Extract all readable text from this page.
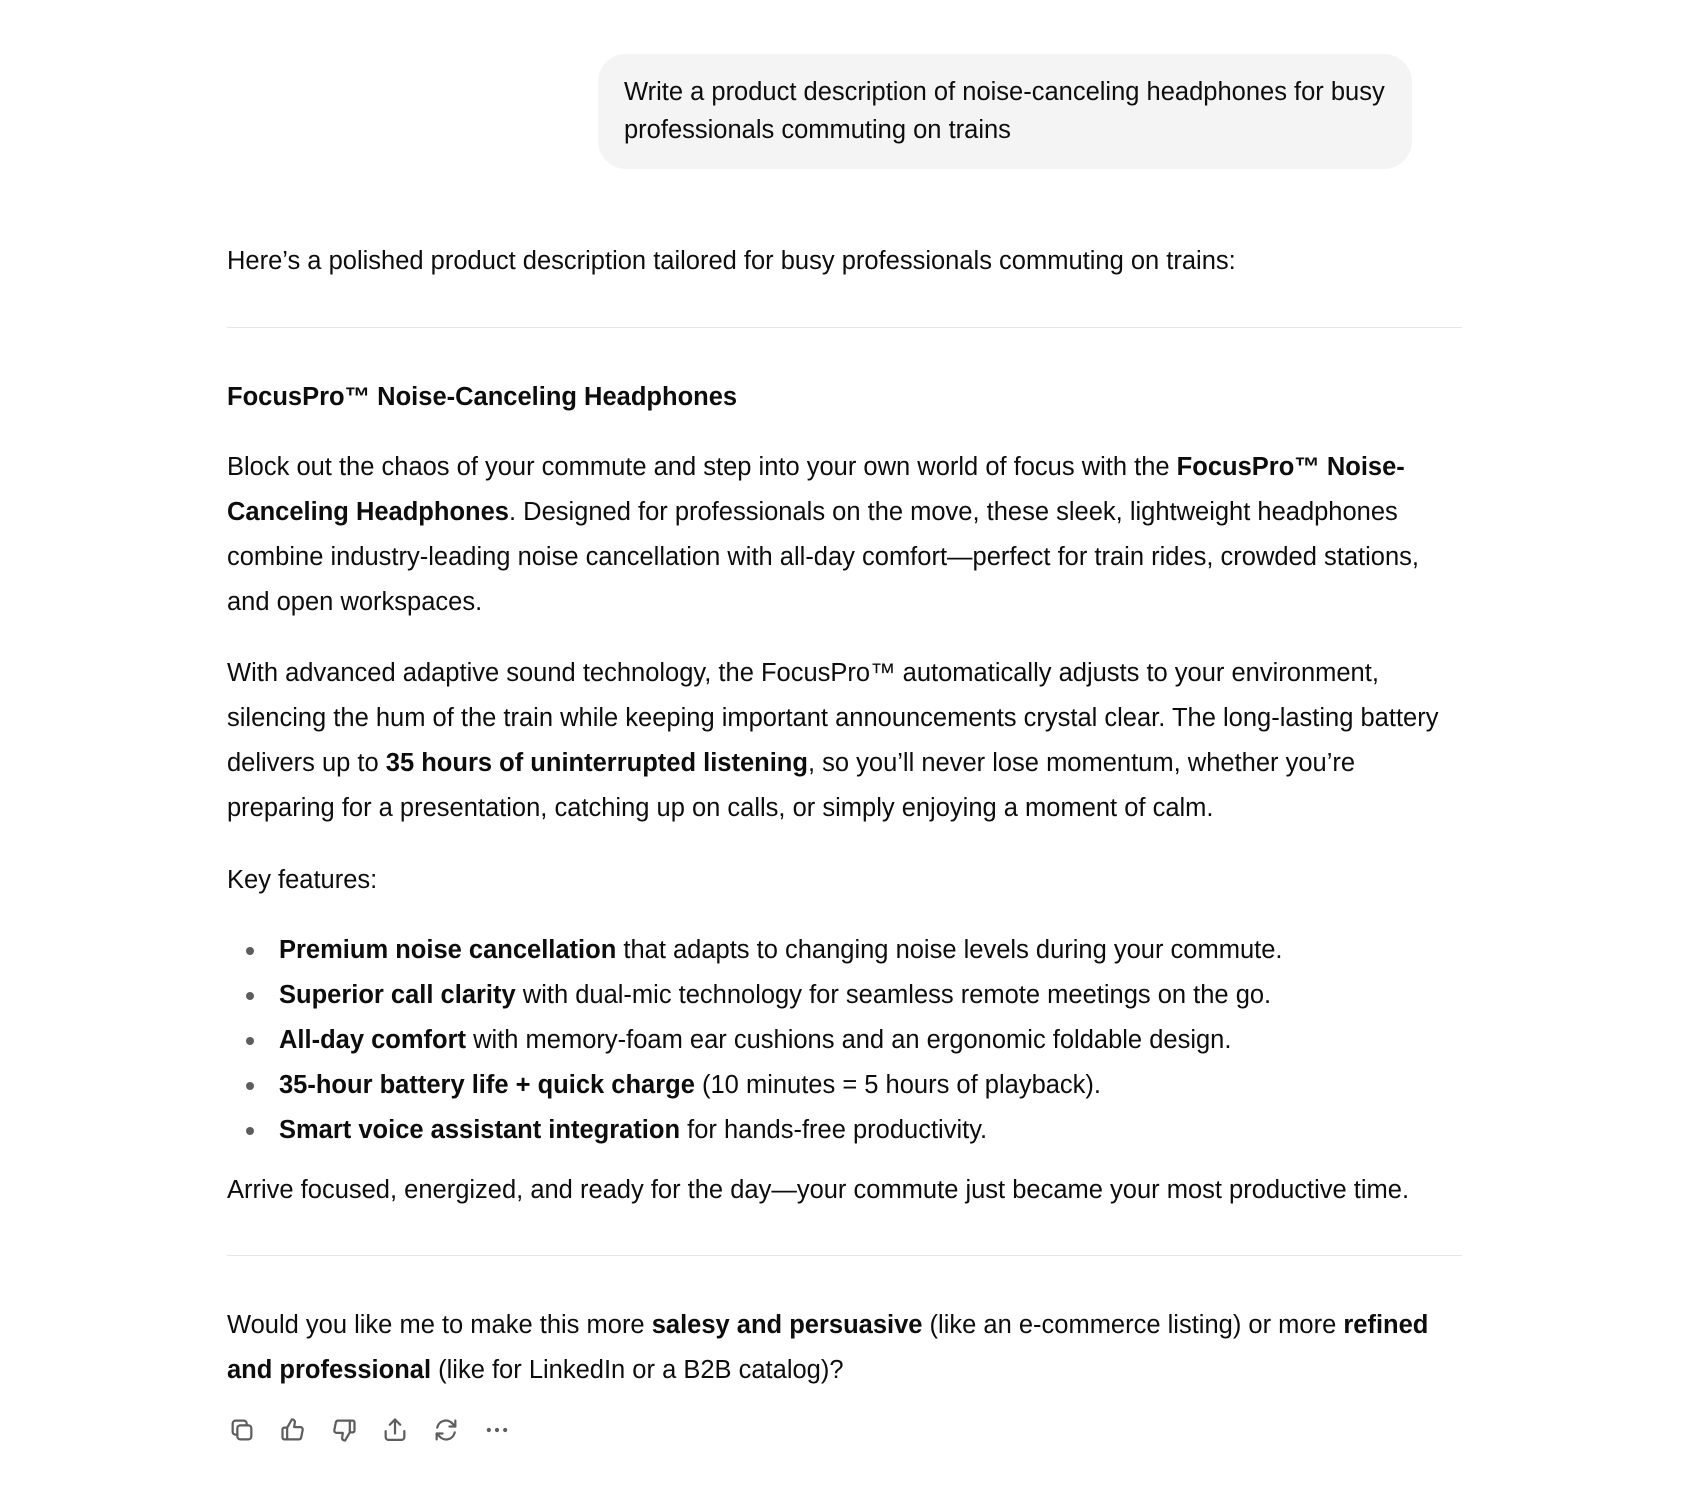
Write a product description of noise-canceling headphones for busy professionals commuting on trains

Here’s a polished product description tailored for busy professionals commuting on trains:

FocusPro™ Noise-Canceling Headphones

Block out the chaos of your commute and step into your own world of focus with the FocusPro™ Noise-Canceling Headphones. Designed for professionals on the move, these sleek, lightweight headphones combine industry-leading noise cancellation with all-day comfort—perfect for train rides, crowded stations, and open workspaces.

With advanced adaptive sound technology, the FocusPro™ automatically adjusts to your environment, silencing the hum of the train while keeping important announcements crystal clear. The long-lasting battery delivers up to 35 hours of uninterrupted listening, so you’ll never lose momentum, whether you’re preparing for a presentation, catching up on calls, or simply enjoying a moment of calm.

Key features:

Premium noise cancellation that adapts to changing noise levels during your commute.
Superior call clarity with dual-mic technology for seamless remote meetings on the go.
All-day comfort with memory-foam ear cushions and an ergonomic foldable design.
35-hour battery life + quick charge (10 minutes = 5 hours of playback).
Smart voice assistant integration for hands-free productivity.

Arrive focused, energized, and ready for the day—your commute just became your most productive time.

Would you like me to make this more salesy and persuasive (like an e-commerce listing) or more refined and professional (like for LinkedIn or a B2B catalog)?
